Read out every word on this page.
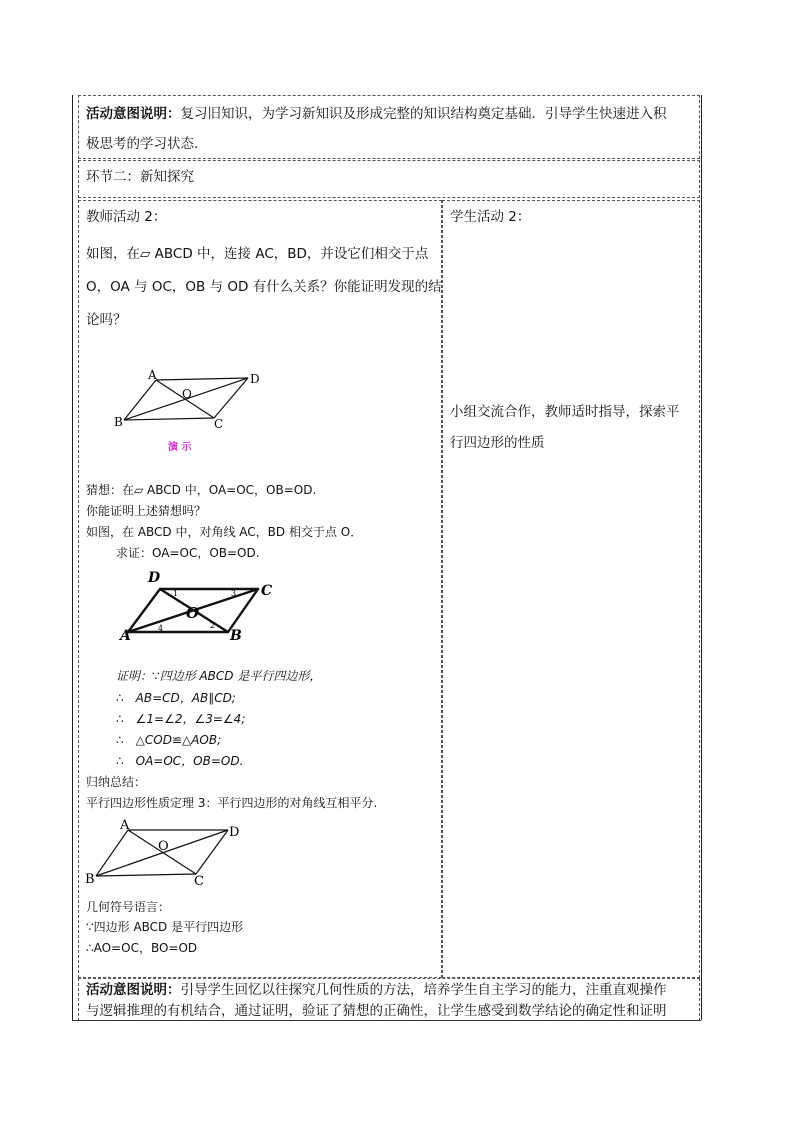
活动意图说明：复习旧知识，为学习新知识及形成完整的知识结构奠定基础．引导学生快速进入积
极思考的学习状态．
环节二：新知探究
教师活动 2：
如图，在▱ ABCD 中，连接 AC，BD，并设它们相交于点
O，OA 与 OC，OB 与 OD 有什么关系？你能证明发现的结
论吗？
A	D
B	C
O
演 示
猜想：在▱ ABCD 中，OA=OC，OB=OD.
你能证明上述猜想吗？
如图，在 ABCD 中，对角线 AC，BD 相交于点 O．
求证：OA=OC，OB=OD.
D
C
A	B
O
1
2
3
4
证明：∵四边形 ABCD 是平行四边形，
∴　AB=CD，AB∥CD;
∴　∠1=∠2，∠3=∠4;
∴　△COD≌△AOB;
∴　OA=OC，OB=OD.
归纳总结：
平行四边形性质定理 3：平行四边形的对角线互相平分.
A	D
B	C
O
几何符号语言：
∵四边形 ABCD 是平行四边形
∴AO=OC，BO=OD
学生活动 2：
小组交流合作，教师适时指导，探索平
行四边形的性质
活动意图说明：引导学生回忆以往探究几何性质的方法，培养学生自主学习的能力，注重直观操作
与逻辑推理的有机结合，通过证明，验证了猜想的正确性，让学生感受到数学结论的确定性和证明
